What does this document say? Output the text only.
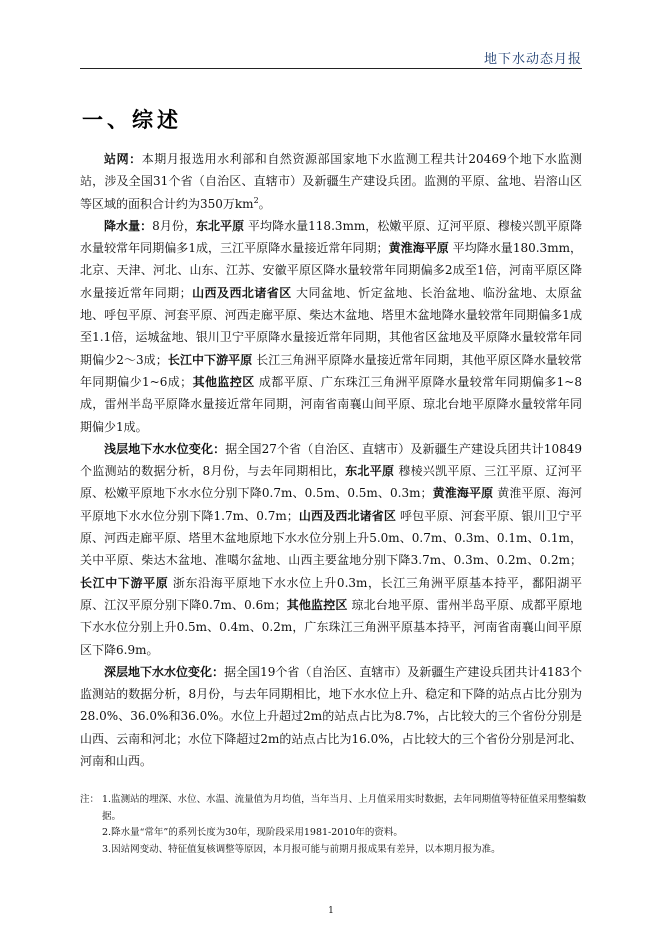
地下水动态月报
一、综述

站网：本期月报选用水利部和自然资源部国家地下水监测工程共计20469个地下水监测站，涉及全国31个省（自治区、直辖市）及新疆生产建设兵团。监测的平原、盆地、岩溶山区等区域的面积合计约为350万$km^2$。

降水量：8月份，东北平原 平均降水量118.3mm，松嫩平原、辽河平原、穆棱兴凯平原降水量较常年同期偏多1成，三江平原降水量接近常年同期；黄淮海平原 平均降水量180.3mm，北京、天津、河北、山东、江苏、安徽平原区降水量较常年同期偏多2成至1倍，河南平原区降水量接近常年同期；山西及西北诸省区 大同盆地、忻定盆地、长治盆地、临汾盆地、太原盆地、呼包平原、河套平原、河西走廊平原、柴达木盆地、塔里木盆地降水量较常年同期偏多1成至1.1倍，运城盆地、银川卫宁平原降水量接近常年同期，其他省区盆地及平原降水量较常年同期偏少2～3成；长江中下游平原 长江三角洲平原降水量接近常年同期，其他平原区降水量较常年同期偏少1~6成；其他监控区 成都平原、广东珠江三角洲平原降水量较常年同期偏多1~8成，雷州半岛平原降水量接近常年同期，河南省南襄山间平原、琼北台地平原降水量较常年同期偏少1成。

浅层地下水水位变化：据全国27个省（自治区、直辖市）及新疆生产建设兵团共计10849个监测站的数据分析，8月份，与去年同期相比，东北平原 穆棱兴凯平原、三江平原、辽河平原、松嫩平原地下水水位分别下降0.7m、0.5m、0.5m、0.3m；黄淮海平原 黄淮平原、海河平原地下水水位分别下降1.7m、0.7m；山西及西北诸省区 呼包平原、河套平原、银川卫宁平原、河西走廊平原、塔里木盆地原地下水水位分别上升5.0m、0.7m、0.3m、0.1m、0.1m，关中平原、柴达木盆地、准噶尔盆地、山西主要盆地分别下降3.7m、0.3m、0.2m、0.2m；长江中下游平原 浙东沿海平原地下水水位上升0.3m，长江三角洲平原基本持平，鄱阳湖平原、江汉平原分别下降0.7m、0.6m；其他监控区 琼北台地平原、雷州半岛平原、成都平原地下水水位分别上升0.5m、0.4m、0.2m，广东珠江三角洲平原基本持平，河南省南襄山间平原区下降6.9m。

深层地下水水位变化：据全国19个省（自治区、直辖市）及新疆生产建设兵团共计4183个监测站的数据分析，8月份，与去年同期相比，地下水水位上升、稳定和下降的站点占比分别为28.0%、36.0%和36.0%。水位上升超过2m的站点占比为8.7%，占比较大的三个省份分别是山西、云南和河北；水位下降超过2m的站点占比为16.0%，占比较大的三个省份分别是河北、河南和山西。

注： 1.监测站的埋深、水位、水温、流量值为月均值，当年当月、上月值采用实时数据，去年同期值等特征值采用整编数据。
2.降水量“常年”的系列长度为30年，现阶段采用1981-2010年的资料。
3.因站网变动、特征值复核调整等原因，本月报可能与前期月报成果有差异，以本期月报为准。
1
